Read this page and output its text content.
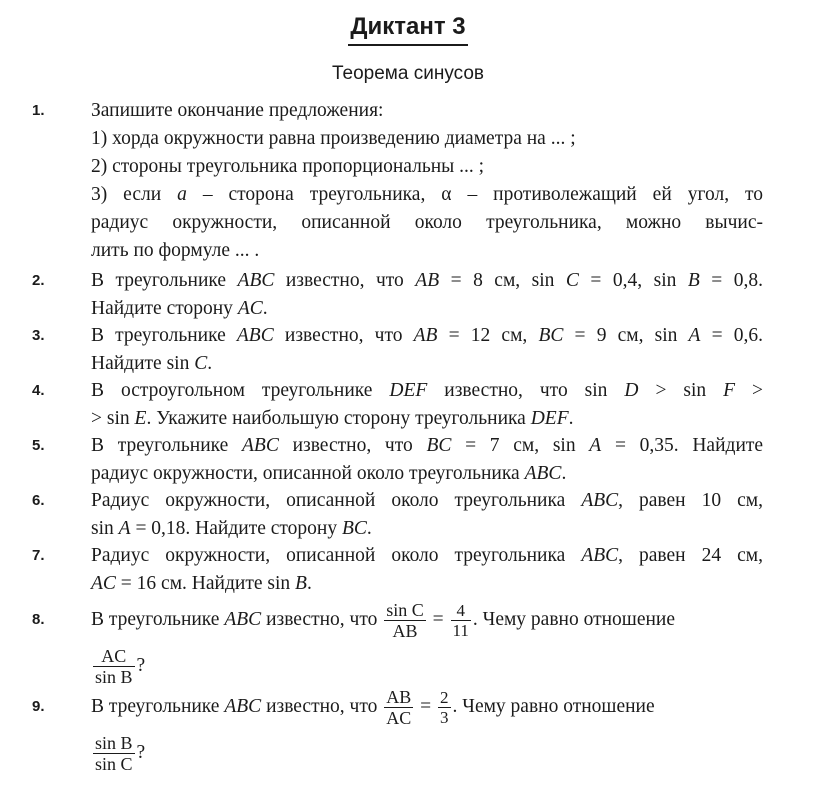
Диктант 3
Теорема синусов
1. Запишите окончание предложения:
1) хорда окружности равна произведению диаметра на ... ;
2) стороны треугольника пропорциональны ... ;
3) если a – сторона треугольника, α – противолежащий ей угол, то
радиус окружности, описанной около треугольника, можно вычис-
лить по формуле ... .
2. В треугольнике ABC известно, что AB = 8 см, sin C = 0,4, sin B = 0,8.
Найдите сторону AC.
3. В треугольнике ABC известно, что AB = 12 см, BC = 9 см, sin A = 0,6.
Найдите sin C.
4. В остроугольном треугольнике DEF известно, что sin D > sin F >
> sin E. Укажите наибольшую сторону треугольника DEF.
5. В треугольнике ABC известно, что BC = 7 см, sin A = 0,35. Найдите
радиус окружности, описанной около треугольника ABC.
6. Радиус окружности, описанной около треугольника ABC, равен 10 см,
sin A = 0,18. Найдите сторону BC.
7. Радиус окружности, описанной около треугольника ABC, равен 24 см,
AC = 16 см. Найдите sin B.
8. В треугольнике ABC известно, что $\frac{\text{sin C}}{AB} = \frac{4}{11}$ . Чему равно отношение
$\frac{AC}{\text{sin B}}$ ?
9. В треугольнике ABC известно, что $\frac{AB}{AC} = \frac{2}{3}$ . Чему равно отношение
$\frac{\text{sin B}}{\text{sin C}}$ ?
